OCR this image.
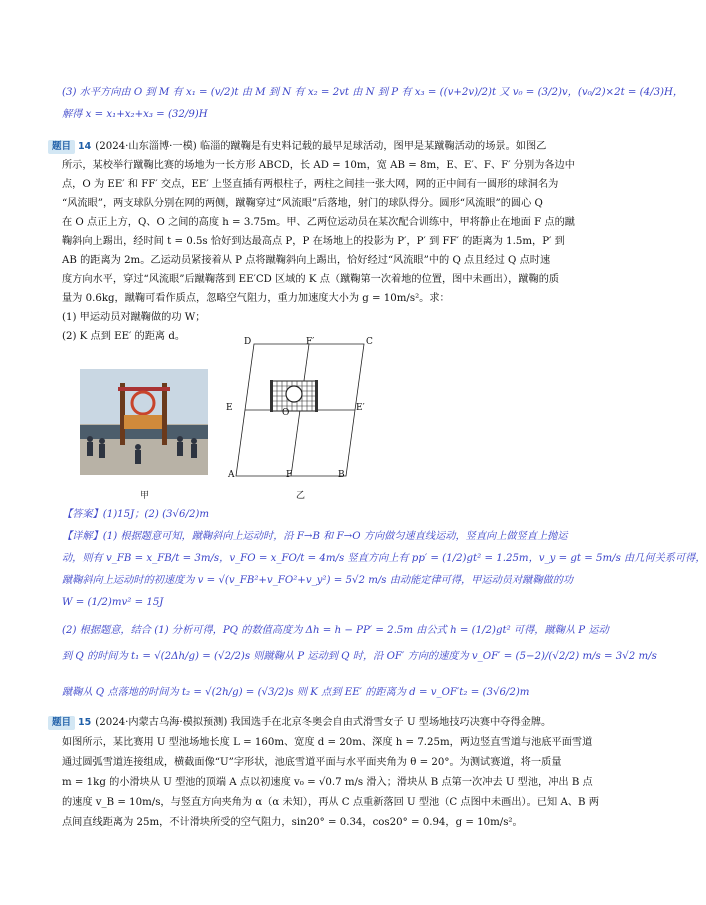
(3) 水平方向由 O 到 M 有 x₁ = (v/2)t 由 M 到 N 有 x₂ = 2vt 由 N 到 P 有 x₃ = ((v+2v)/2)t 又 v₀ = (3/2)v，(v₀/2)×2t = (4/3)H，
解得 x = x₁+x₂+x₃ = (32/9)H
题目 14 (2024·山东淄博·一模) 临淄的蹴鞠是有史料记载的最早足球活动，图甲是某蹴鞠活动的场景。如图乙
所示，某校举行蹴鞠比赛的场地为一长方形 ABCD，长 AD = 10m，宽 AB = 8m，E、E′、F、F′ 分别为各边中
点，O 为 EE′ 和 FF′ 交点，EE′ 上竖直插有两根柱子，两柱之间挂一张大网，网的正中间有一圆形的球洞名为
“风流眼”，两支球队分别在网的两侧，蹴鞠穿过“风流眼”后落地，射门的球队得分。圆形“风流眼”的圆心 Q
在 O 点正上方，Q、O 之间的高度 h = 3.75m。甲、乙两位运动员在某次配合训练中，甲将静止在地面 F 点的蹴
鞠斜向上踢出，经时间 t = 0.5s 恰好到达最高点 P，P 在场地上的投影为 P′，P′ 到 FF′ 的距离为 1.5m，P′ 到
AB 的距离为 2m。乙运动员紧接着从 P 点将蹴鞠斜向上踢出，恰好经过“风流眼”中的 Q 点且经过 Q 点时速
度方向水平，穿过“风流眼”后蹴鞠落到 EE′CD 区域的 K 点（蹴鞠第一次着地的位置，图中未画出），蹴鞠的质
量为 0.6kg，蹴鞠可看作质点，忽略空气阻力，重力加速度大小为 g = 10m/s²。求：
(1) 甲运动员对蹴鞠做的功 W；
(2) K 点到 EE′ 的距离 d。
甲
D	F′	C
E	O	E′
A	F	B
乙
【答案】(1)15J；(2) (3√6/2)m
【详解】(1) 根据题意可知，蹴鞠斜向上运动时，沿 F→B 和 F→O 方向做匀速直线运动，竖直向上做竖直上抛运
动，则有 v_FB = x_FB/t = 3m/s，v_FO = x_FO/t = 4m/s 竖直方向上有 pp′ = (1/2)gt² = 1.25m，v_y = gt = 5m/s 由几何关系可得，
蹴鞠斜向上运动时的初速度为 v = √(v_FB²+v_FO²+v_y²) = 5√2 m/s 由动能定律可得，甲运动员对蹴鞠做的功
W = (1/2)mv² = 15J
(2) 根据题意，结合 (1) 分析可得，PQ 的数值高度为 Δh = h − PP′ = 2.5m 由公式 h = (1/2)gt² 可得，蹴鞠从 P 运动
到 Q 的时间为 t₁ = √(2Δh/g) = (√2/2)s 则蹴鞠从 P 运动到 Q 时，沿 OF′ 方向的速度为 v_OF′ = (5−2)/(√2/2) m/s = 3√2 m/s
蹴鞠从 Q 点落地的时间为 t₂ = √(2h/g) = (√3/2)s 则 K 点到 EE′ 的距离为 d = v_OF′t₂ = (3√6/2)m
题目 15 (2024·内蒙古乌海·模拟预测) 我国选手在北京冬奥会自由式滑雪女子 U 型场地技巧决赛中夺得金牌。
如图所示，某比赛用 U 型池场地长度 L = 160m、宽度 d = 20m、深度 h = 7.25m，两边竖直雪道与池底平面雪道
通过圆弧雪道连接组成，横截面像“U”字形状，池底雪道平面与水平面夹角为 θ = 20°。为测试赛道，将一质量
m = 1kg 的小滑块从 U 型池的顶端 A 点以初速度 v₀ = √0.7 m/s 滑入；滑块从 B 点第一次冲去 U 型池，冲出 B 点
的速度 v_B = 10m/s，与竖直方向夹角为 α（α 未知），再从 C 点重新落回 U 型池（C 点图中未画出）。已知 A、B 两
点间直线距离为 25m，不计滑块所受的空气阻力，sin20° = 0.34，cos20° = 0.94，g = 10m/s²。
